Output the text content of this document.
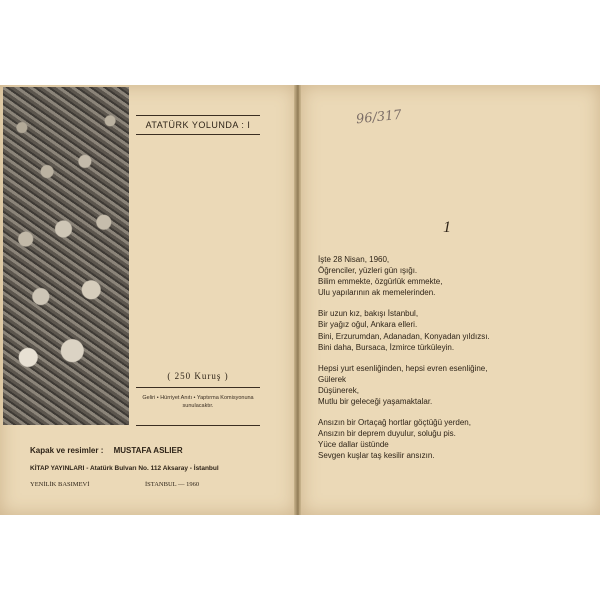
ATATÜRK YOLUNDA : I
( 250 Kuruş )
Geliri • Hürriyet Anıtı • Yaptırma Komisyonuna sunulacaktır.
Kapak ve resimler : MUSTAFA ASLIER
KİTAP YAYINLARI - Atatürk Bulvarı No. 112 Aksaray - İstanbul
YENİLİK BASIMEVİ	İSTANBUL — 1960
96/317
1
İşte 28 Nisan, 1960,
Öğrenciler, yüzleri gün ışığı.
Bilim emmekte, özgürlük emmekte,
Ulu yapılarının ak memelerinden.
Bir uzun kız, bakışı İstanbul,
Bir yağız oğul, Ankara elleri.
Bini, Erzurumdan, Adanadan, Konyadan yıldızsı.
Bini daha, Bursaca, İzmirce türküleyin.
Hepsi yurt esenliğinden, hepsi evren esenliğine,
Gülerek
Düşünerek,
Mutlu bir geleceği yaşamaktalar.
Ansızın bir Ortaçağ hortlar göçtüğü yerden,
Ansızın bir deprem duyulur, soluğu pis.
Yüce dallar üstünde
Sevgen kuşlar taş kesilir ansızın.
